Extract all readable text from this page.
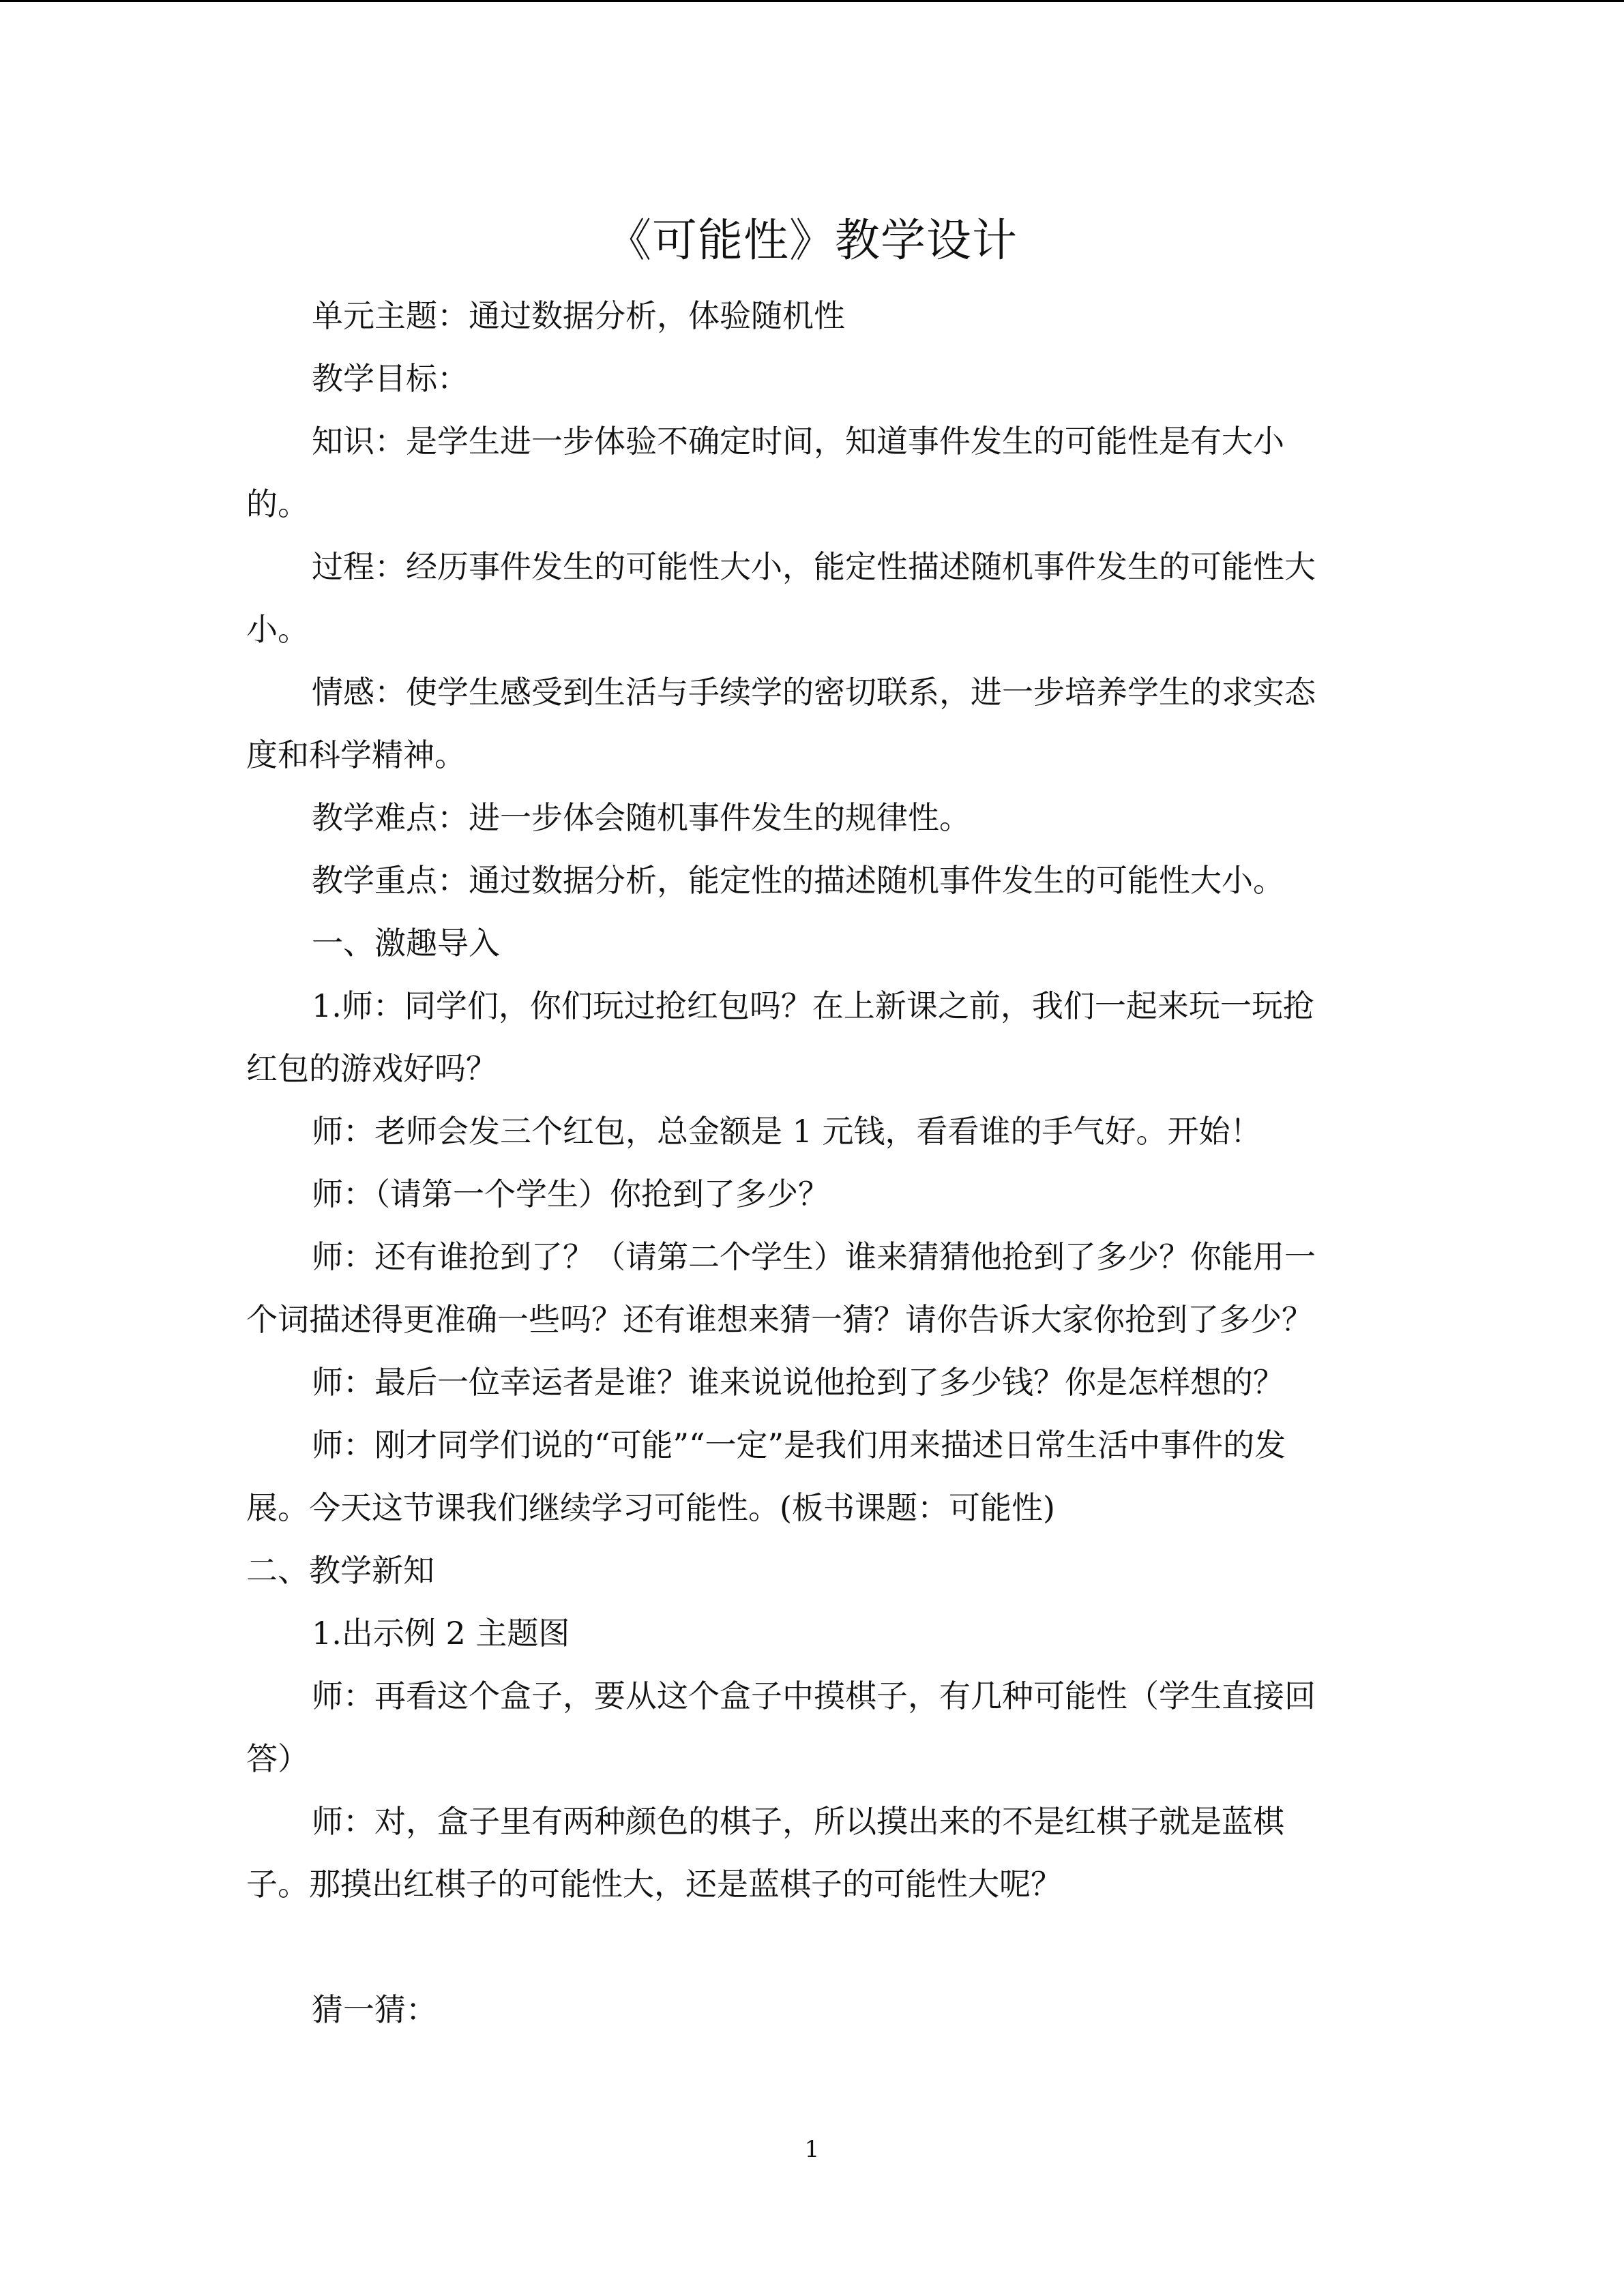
《可能性》教学设计

单元主题：通过数据分析，体验随机性

教学目标：

知识：是学生进一步体验不确定时间，知道事件发生的可能性是有大小

的。

过程：经历事件发生的可能性大小，能定性描述随机事件发生的可能性大

小。

情感：使学生感受到生活与手续学的密切联系，进一步培养学生的求实态

度和科学精神。

教学难点：进一步体会随机事件发生的规律性。

教学重点：通过数据分析，能定性的描述随机事件发生的可能性大小。

一、激趣导入

1.师：同学们，你们玩过抢红包吗？在上新课之前，我们一起来玩一玩抢

红包的游戏好吗？

师：老师会发三个红包，总金额是 1 元钱，看看谁的手气好。开始！

师：（请第一个学生）你抢到了多少？

师：还有谁抢到了？（请第二个学生）谁来猜猜他抢到了多少？你能用一

个词描述得更准确一些吗？还有谁想来猜一猜？请你告诉大家你抢到了多少？

师：最后一位幸运者是谁？谁来说说他抢到了多少钱？你是怎样想的？

师：刚才同学们说的“可能”“一定”是我们用来描述日常生活中事件的发

展。今天这节课我们继续学习可能性。(板书课题：可能性)

二、教学新知

1.出示例 2 主题图

师：再看这个盒子，要从这个盒子中摸棋子，有几种可能性（学生直接回

答）

师：对，盒子里有两种颜色的棋子，所以摸出来的不是红棋子就是蓝棋

子。那摸出红棋子的可能性大，还是蓝棋子的可能性大呢？

猜一猜：

1
